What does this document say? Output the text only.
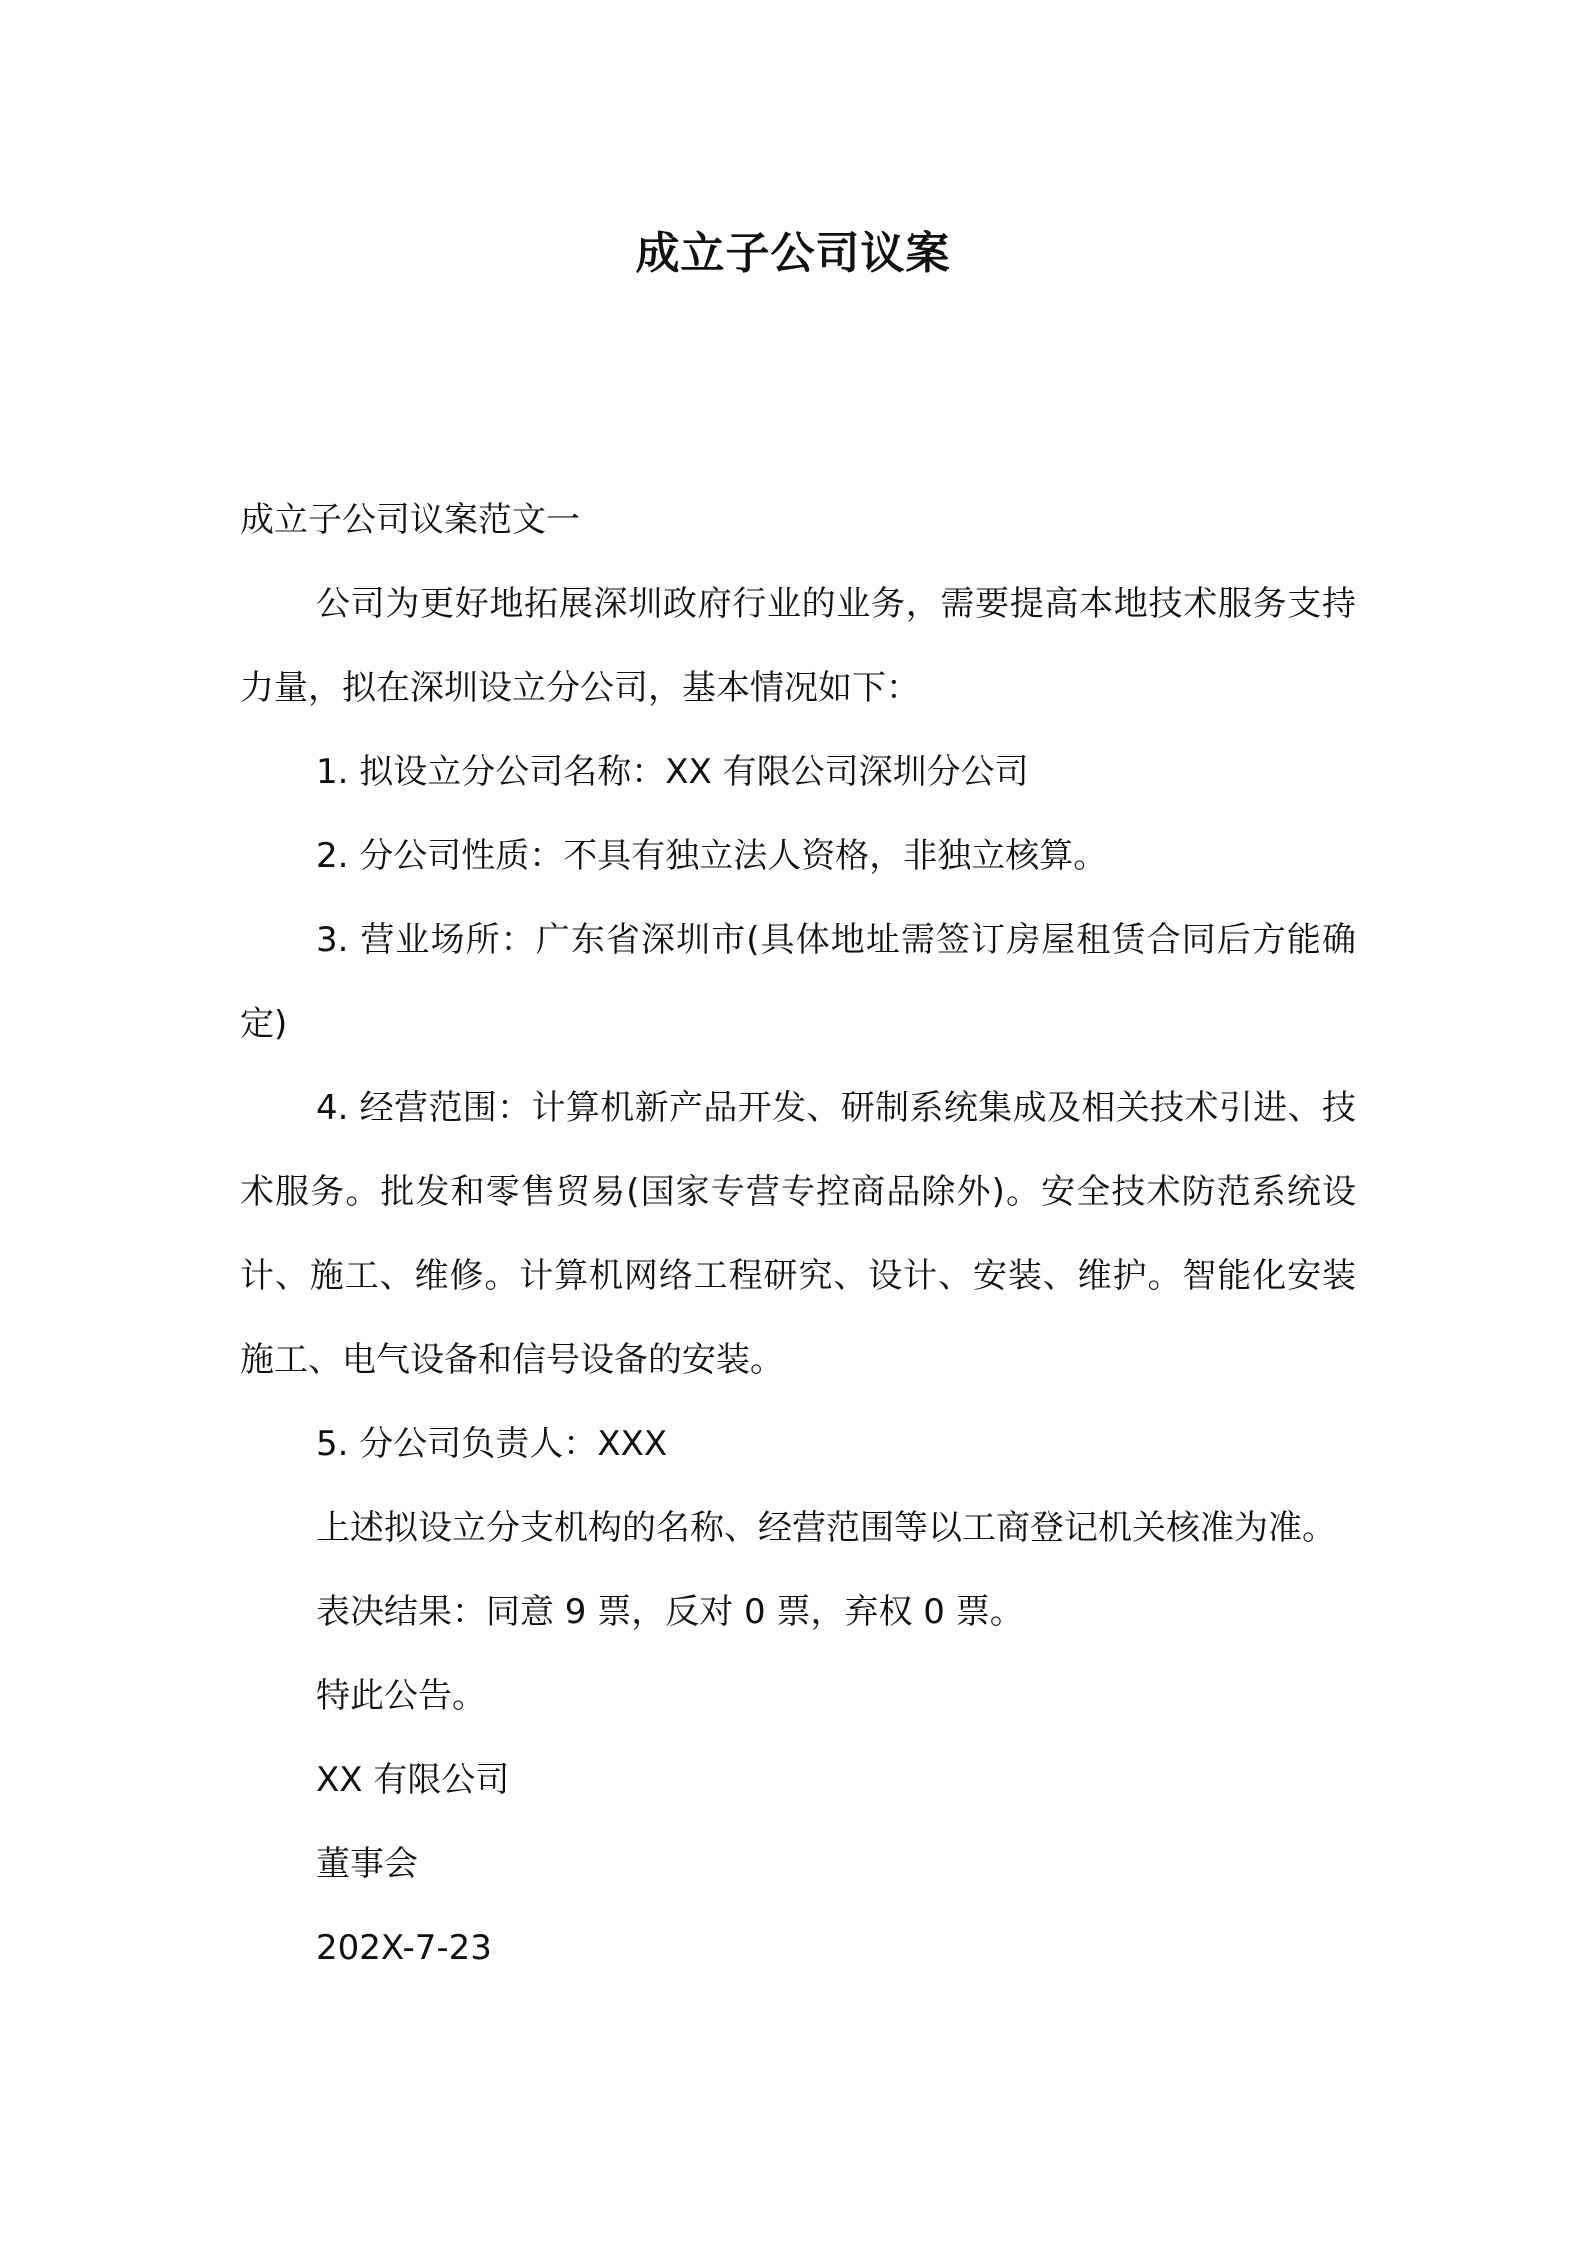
成立子公司议案

成立子公司议案范文一

公司为更好地拓展深圳政府行业的业务，需要提高本地技术服务支持力量，拟在深圳设立分公司，基本情况如下：

1. 拟设立分公司名称：XX 有限公司深圳分公司

2. 分公司性质：不具有独立法人资格，非独立核算。

3. 营业场所：广东省深圳市(具体地址需签订房屋租赁合同后方能确定)

4. 经营范围：计算机新产品开发、研制系统集成及相关技术引进、技术服务。批发和零售贸易(国家专营专控商品除外)。安全技术防范系统设计、施工、维修。计算机网络工程研究、设计、安装、维护。智能化安装施工、电气设备和信号设备的安装。

5. 分公司负责人：XXX

上述拟设立分支机构的名称、经营范围等以工商登记机关核准为准。

表决结果：同意 9 票，反对 0 票，弃权 0 票。

特此公告。

XX 有限公司

董事会

202X-7-23
